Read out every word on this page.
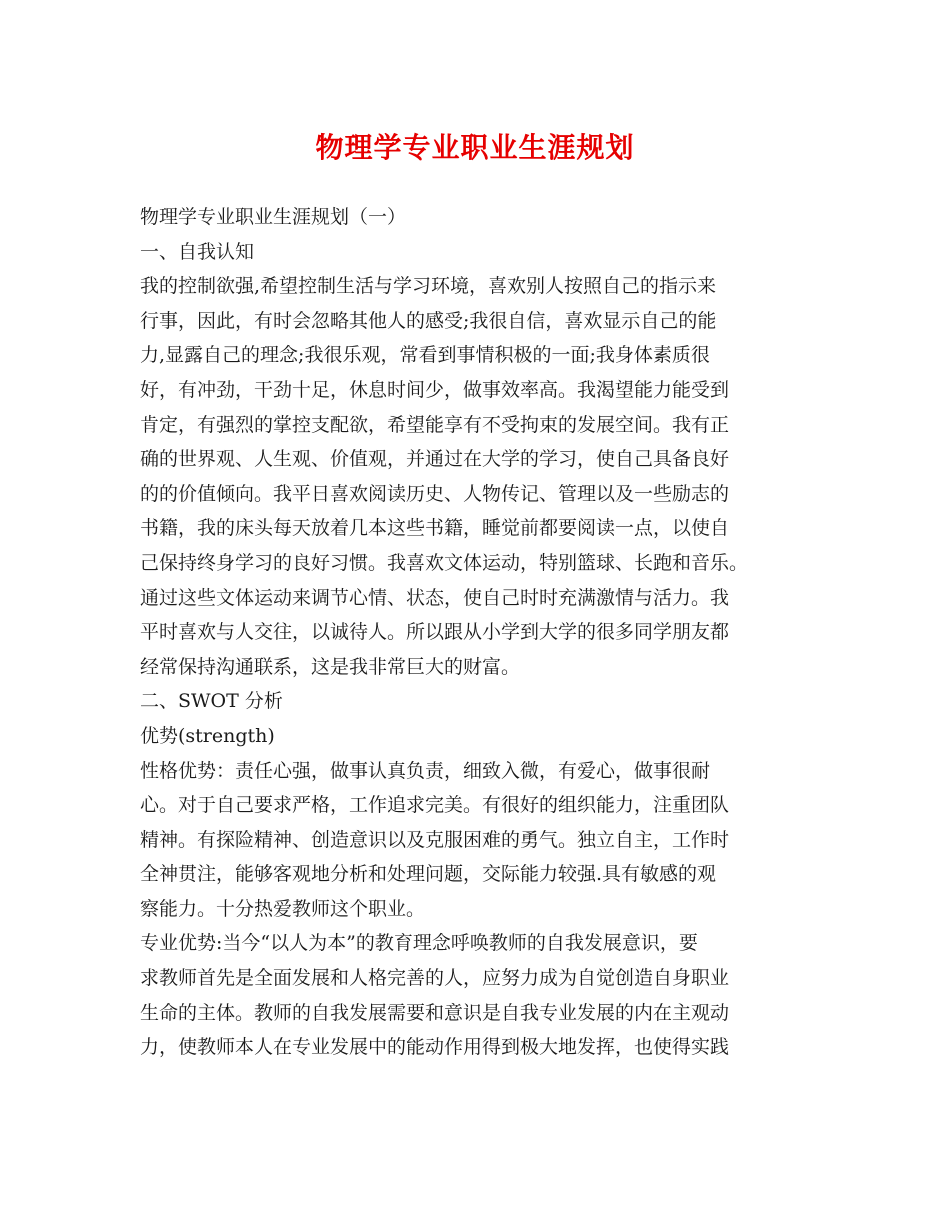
物理学专业职业生涯规划
物理学专业职业生涯规划（一）
一、自我认知
我的控制欲强,希望控制生活与学习环境，喜欢别人按照自己的指示来
行事，因此，有时会忽略其他人的感受;我很自信，喜欢显示自己的能
力,显露自己的理念;我很乐观，常看到事情积极的一面;我身体素质很
好，有冲劲，干劲十足，休息时间少，做事效率高。我渴望能力能受到
肯定，有强烈的掌控支配欲，希望能享有不受拘束的发展空间。我有正
确的世界观、人生观、价值观，并通过在大学的学习，使自己具备良好
的的价值倾向。我平日喜欢阅读历史、人物传记、管理以及一些励志的
书籍，我的床头每天放着几本这些书籍，睡觉前都要阅读一点，以使自
己保持终身学习的良好习惯。我喜欢文体运动，特别篮球、长跑和音乐。
通过这些文体运动来调节心情、状态，使自己时时充满激情与活力。我
平时喜欢与人交往，以诚待人。所以跟从小学到大学的很多同学朋友都
经常保持沟通联系，这是我非常巨大的财富。
二、SWOT 分析
优势(strength)
性格优势：责任心强，做事认真负责，细致入微，有爱心，做事很耐
心。对于自己要求严格，工作追求完美。有很好的组织能力，注重团队
精神。有探险精神、创造意识以及克服困难的勇气。独立自主，工作时
全神贯注，能够客观地分析和处理问题，交际能力较强.具有敏感的观
察能力。十分热爱教师这个职业。
专业优势:当今“以人为本”的教育理念呼唤教师的自我发展意识，要
求教师首先是全面发展和人格完善的人，应努力成为自觉创造自身职业
生命的主体。教师的自我发展需要和意识是自我专业发展的内在主观动
力，使教师本人在专业发展中的能动作用得到极大地发挥，也使得实践
